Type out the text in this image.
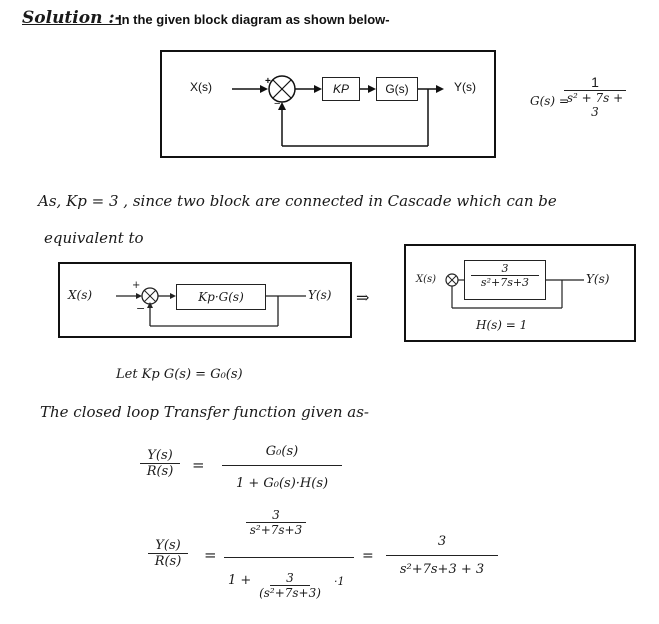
Solution :-
In the given block diagram as shown below-
X(s)	+
−
KP	G(s)	Y(s)
G(s) =
1
s² + 7s + 3
As, Kp = 3 , since two block are connected in Cascade which can be
equivalent to
X(s)
+
−
Kp·G(s)	Y(s) ⇒
X(s)
3
s²+7s+3	Y(s)
H(s) = 1
Let Kp G(s) = G₀(s)
The closed loop Transfer function given as-
Y(s)
R(s)	=
G₀(s)
1 + G₀(s)·H(s)
Y(s)
R(s)	=
3
s²+7s+3
1 +	3
(s²+7s+3)
·1
=
3
s²+7s+3 + 3
